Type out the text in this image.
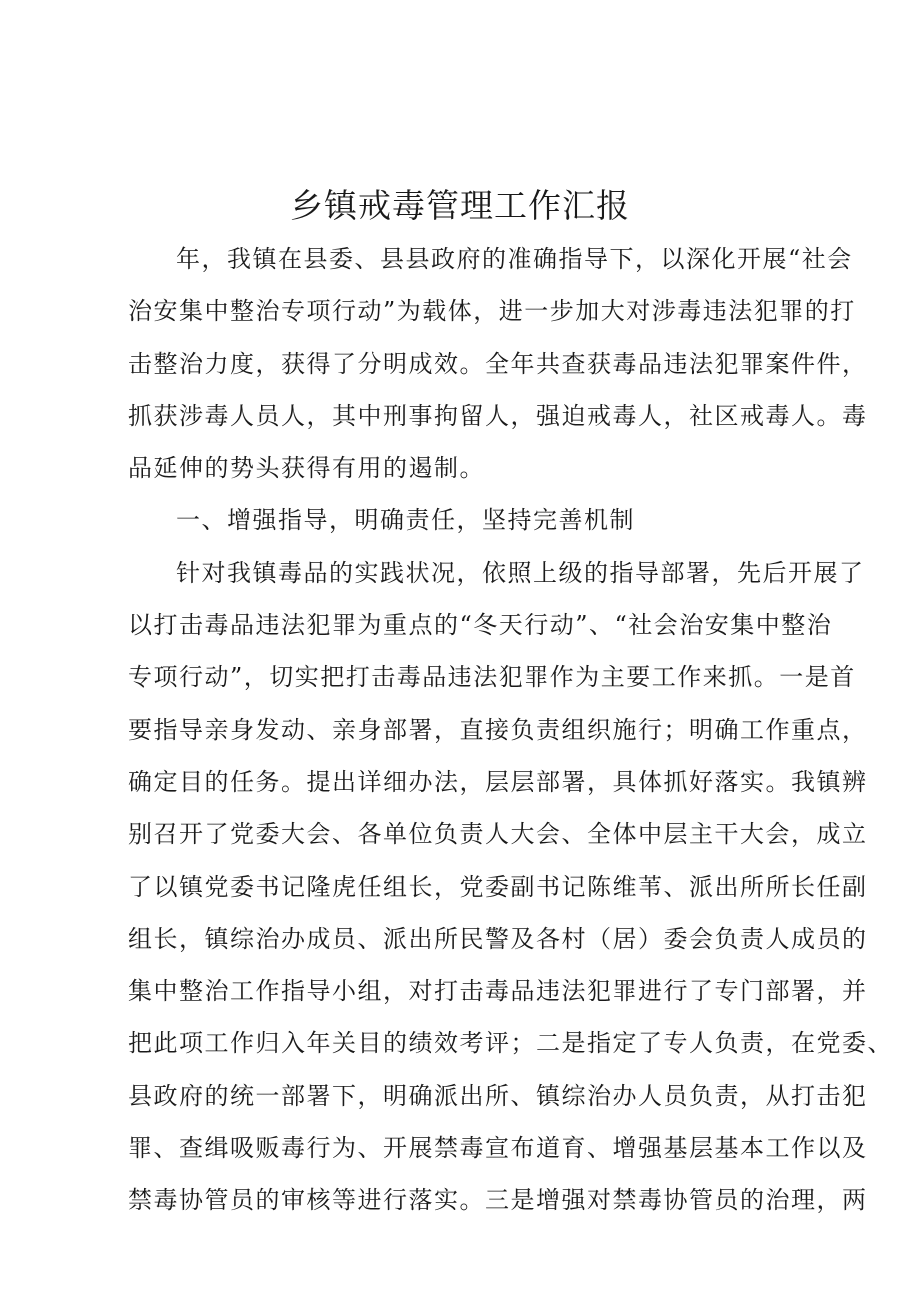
乡镇戒毒管理工作汇报
年，我镇在县委、县县政府的准确指导下，以深化开展“社会
治安集中整治专项行动”为载体，进一步加大对涉毒违法犯罪的打
击整治力度，获得了分明成效。全年共查获毒品违法犯罪案件件，
抓获涉毒人员人，其中刑事拘留人，强迫戒毒人，社区戒毒人。毒
品延伸的势头获得有用的遏制。
一、增强指导，明确责任，坚持完善机制
针对我镇毒品的实践状况，依照上级的指导部署，先后开展了
以打击毒品违法犯罪为重点的“冬天行动”、“社会治安集中整治
专项行动”，切实把打击毒品违法犯罪作为主要工作来抓。一是首
要指导亲身发动、亲身部署，直接负责组织施行；明确工作重点，
确定目的任务。提出详细办法，层层部署，具体抓好落实。我镇辨
别召开了党委大会、各单位负责人大会、全体中层主干大会，成立
了以镇党委书记隆虎任组长，党委副书记陈维苇、派出所所长任副
组长，镇综治办成员、派出所民警及各村（居）委会负责人成员的
集中整治工作指导小组，对打击毒品违法犯罪进行了专门部署，并
把此项工作归入年关目的绩效考评；二是指定了专人负责，在党委、
县政府的统一部署下，明确派出所、镇综治办人员负责，从打击犯
罪、查缉吸贩毒行为、开展禁毒宣布道育、增强基层基本工作以及
禁毒协管员的审核等进行落实。三是增强对禁毒协管员的治理，两
